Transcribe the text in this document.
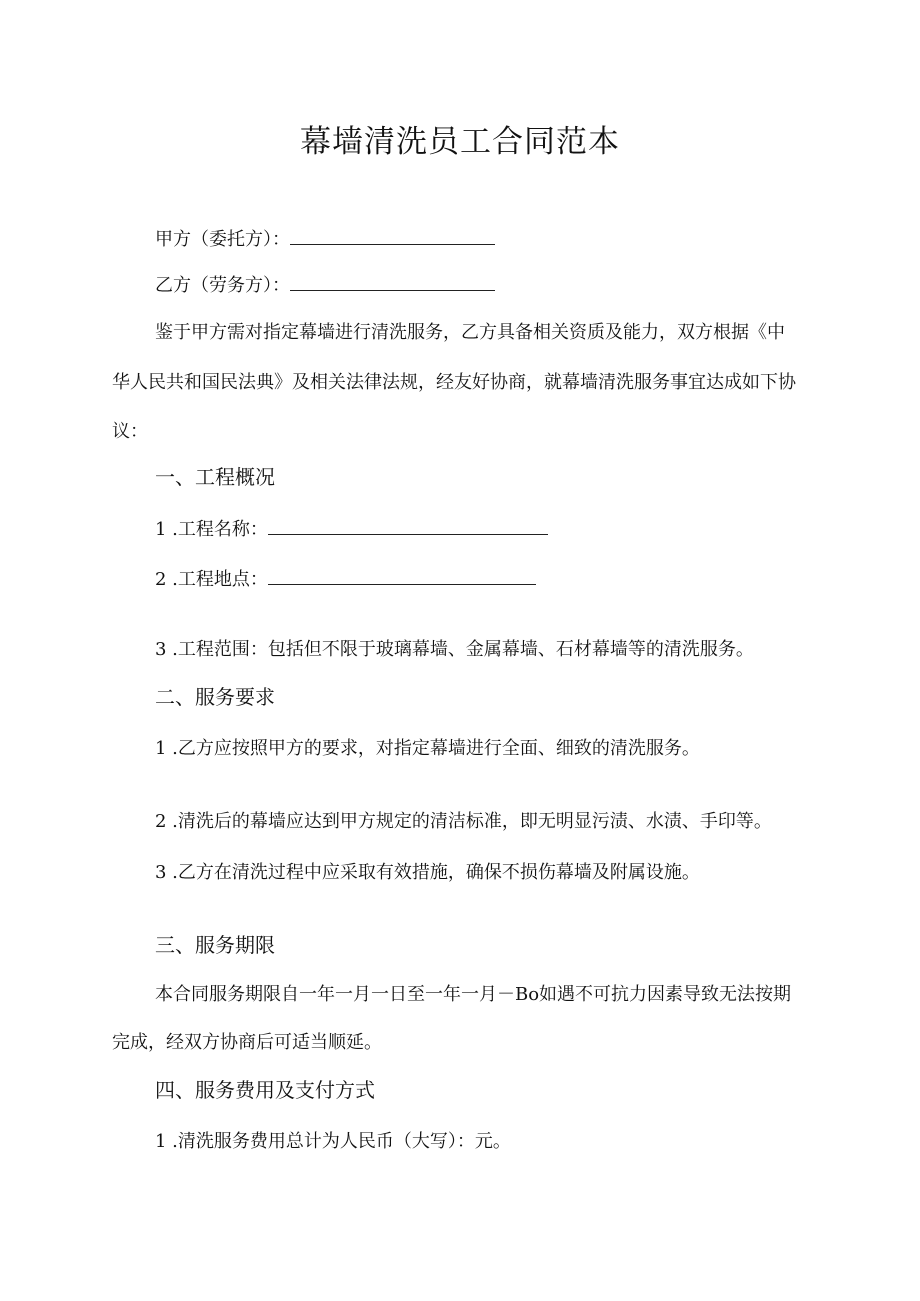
幕墙清洗员工合同范本
甲方（委托方）：
乙方（劳务方）：
鉴于甲方需对指定幕墙进行清洗服务，乙方具备相关资质及能力，双方根据《中
华人民共和国民法典》及相关法律法规，经友好协商，就幕墙清洗服务事宜达成如下协
议：
一、工程概况
1 .工程名称：
2 .工程地点：
3 .工程范围：包括但不限于玻璃幕墙、金属幕墙、石材幕墙等的清洗服务。
二、服务要求
1 .乙方应按照甲方的要求，对指定幕墙进行全面、细致的清洗服务。
2 .清洗后的幕墙应达到甲方规定的清洁标准，即无明显污渍、水渍、手印等。
3 .乙方在清洗过程中应采取有效措施，确保不损伤幕墙及附属设施。
三、服务期限
本合同服务期限自一年一月一日至一年一月－Bo如遇不可抗力因素导致无法按期
完成，经双方协商后可适当顺延。
四、服务费用及支付方式
1 .清洗服务费用总计为人民币（大写）：元。
